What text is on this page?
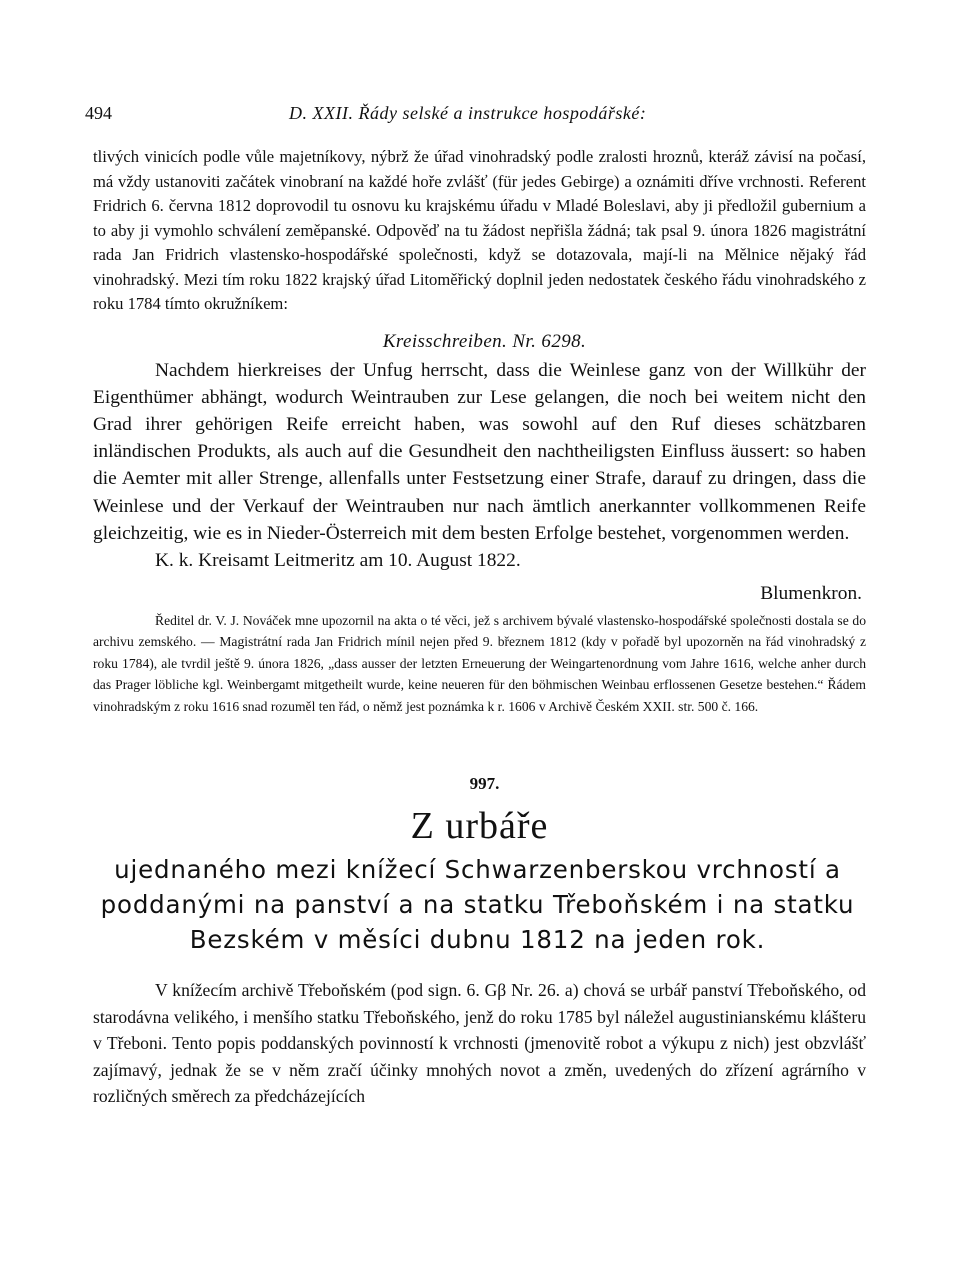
494	D. XXII. Řády selské a instrukce hospodářské:

tlivých vinicích podle vůle majetníkovy, nýbrž že úřad vinohradský podle zralosti hroznů, kteráž závisí na počasí, má vždy ustanoviti začátek vinobraní na každé hoře zvlášť (für jedes Gebirge) a oznámiti dříve vrchnosti. Referent Fridrich 6. června 1812 doprovodil tu osnovu ku krajskému úřadu v Mladé Boleslavi, aby ji předložil gubernium a to aby ji vymohlo schválení zeměpanské. Odpověď na tu žádost nepřišla žádná; tak psal 9. února 1826 magistrátní rada Jan Fridrich vlastensko-hospodářské společnosti, když se dotazovala, mají-li na Mělnice nějaký řád vinohradský. Mezi tím roku 1822 krajský úřad Litoměřický doplnil jeden nedostatek českého řádu vinohradského z roku 1784 tímto okružníkem:

Kreisschreiben. Nr. 6298.

Nachdem hierkreises der Unfug herrscht, dass die Weinlese ganz von der Willkühr der Eigenthümer abhängt, wodurch Weintrauben zur Lese gelangen, die noch bei weitem nicht den Grad ihrer gehörigen Reife erreicht haben, was sowohl auf den Ruf dieses schätzbaren inländischen Produkts, als auch auf die Gesundheit den nachtheiligsten Einfluss äussert: so haben die Aemter mit aller Strenge, allenfalls unter Festsetzung einer Strafe, darauf zu dringen, dass die Weinlese und der Verkauf der Weintrauben nur nach ämtlich anerkannter vollkommenen Reife gleichzeitig, wie es in Nieder-Österreich mit dem besten Erfolge bestehet, vorgenommen werden.

K. k. Kreisamt Leitmeritz am 10. August 1822.

Blumenkron.

Ředitel dr. V. J. Nováček mne upozornil na akta o té věci, jež s archivem bývalé vlastensko-hospodářské společnosti dostala se do archivu zemského. — Magistrátní rada Jan Fridrich mínil nejen před 9. březnem 1812 (kdy v pořadě byl upozorněn na řád vinohradský z roku 1784), ale tvrdil ještě 9. února 1826, „dass ausser der letzten Erneuerung der Weingartenordnung vom Jahre 1616, welche anher durch das Prager löbliche kgl. Weinbergamt mitgetheilt wurde, keine neueren für den böhmischen Weinbau erflossenen Gesetze bestehen.“ Řádem vinohradským z roku 1616 snad rozuměl ten řád, o němž jest poznámka k r. 1606 v Archivě Českém XXII. str. 500 č. 166.

997.
Z urbáře
ujednaného mezi knížecí Schwarzenberskou vrchností a poddanými na panství a na statku Třeboňském i na statku Bezském v měsíci dubnu 1812 na jeden rok.

V knížecím archivě Třeboňském (pod sign. 6. Gβ Nr. 26. a) chová se urbář panství Třeboňského, od starodávna velikého, i menšího statku Třeboňského, jenž do roku 1785 byl náležel augustinianskému klášteru v Třeboni. Tento popis poddanských povinností k vrchnosti (jmenovitě robot a výkupu z nich) jest obzvlášť zajímavý, jednak že se v něm zračí účinky mnohých novot a změn, uvedených do zřízení agrárního v rozličných směrech za předcházejících
